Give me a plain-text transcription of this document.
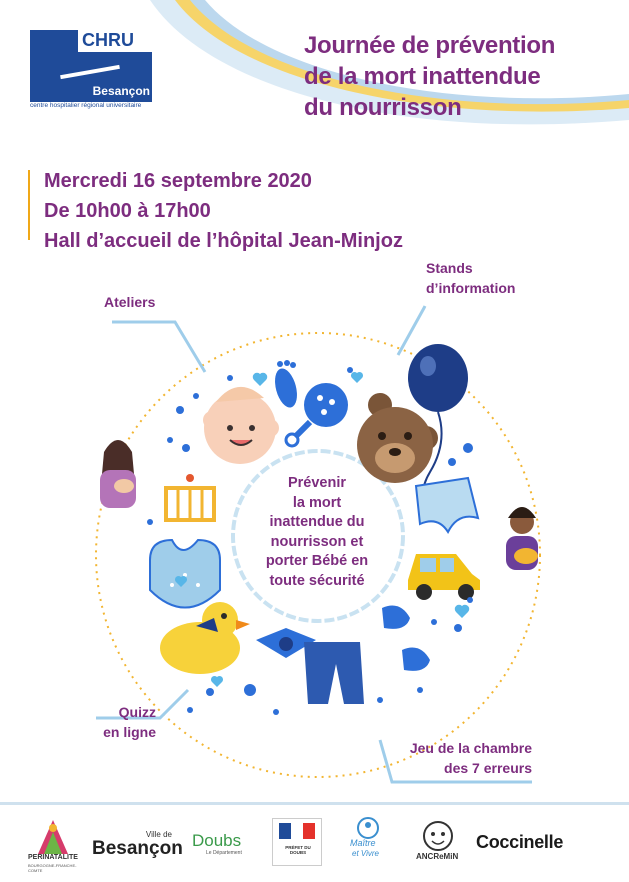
CHRU
Besançon
centre hospitalier régional universitaire
Journée de prévention
de la mort inattendue
du nourrisson
Mercredi 16 septembre 2020
De 10h00 à 17h00
Hall d’accueil de l’hôpital Jean-Minjoz
Ateliers
Stands
d’information
Quizz
en ligne
Jeu de la chambre
des 7 erreurs
Prévenir
la mort
inattendue du
nourrisson et
porter Bébé en
toute sécurité
PERINATALITE
BOURGOGNE-FRANCHE-COMTE
Ville de
Besançon Doubs
Le Département
PRÉFET DU DOUBS
Maître
et Vivre	ANCReMiN
Coccinelle
